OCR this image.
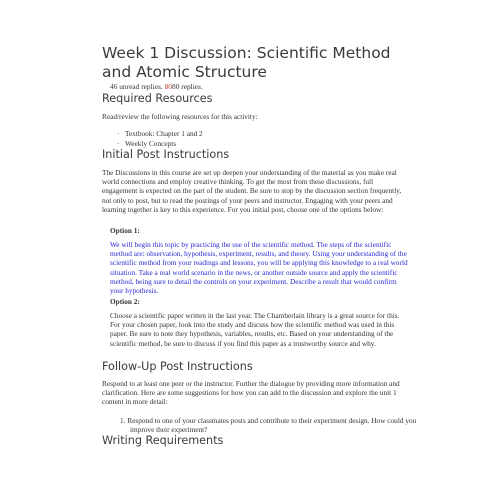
Week 1 Discussion: Scientific Method and Atomic Structure
46 unread replies. 8080 replies.
Required Resources

Read/review the following resources for this activity:

· Textbook: Chapter 1 and 2
· Weekly Concepts
Initial Post Instructions

The Discussions in this course are set up deepen your understanding of the material as you make real world connections and employ creative thinking. To get the most from these discussions, full engagement is expected on the part of the student. Be sure to stop by the discussion section frequently, not only to post, but to read the postings of your peers and instructor. Engaging with your peers and learning together is key to this experience. For you initial post, choose one of the options below:

Option 1:

We will begin this topic by practicing the use of the scientific method. The steps of the scientific method are: observation, hypothesis, experiment, results, and theory. Using your understanding of the scientific method from your readings and lessons, you will be applying this knowledge to a real world situation. Take a real world scenario in the news, or another outside source and apply the scientific method, being sure to detail the controls on your experiment. Describe a result that would confirm your hypothesis.

Option 2:

Choose a scientific paper written in the last year. The Chamberlain library is a great source for this. For your chosen paper, look into the study and discuss how the scientific method was used in this paper. Be sure to note they hypothesis, variables, results, etc. Based on your understanding of the scientific method, be sure to discuss if you find this paper as a trustworthy source and why.

Follow-Up Post Instructions

Respond to at least one peer or the instructor. Further the dialogue by providing more information and clarification. Here are some suggestions for how you can add to the discussion and explore the unit 1 content in more detail:

1. Respond to one of your classmates posts and contribute to their experiment design. How could you improve their experiment?
Writing Requirements
